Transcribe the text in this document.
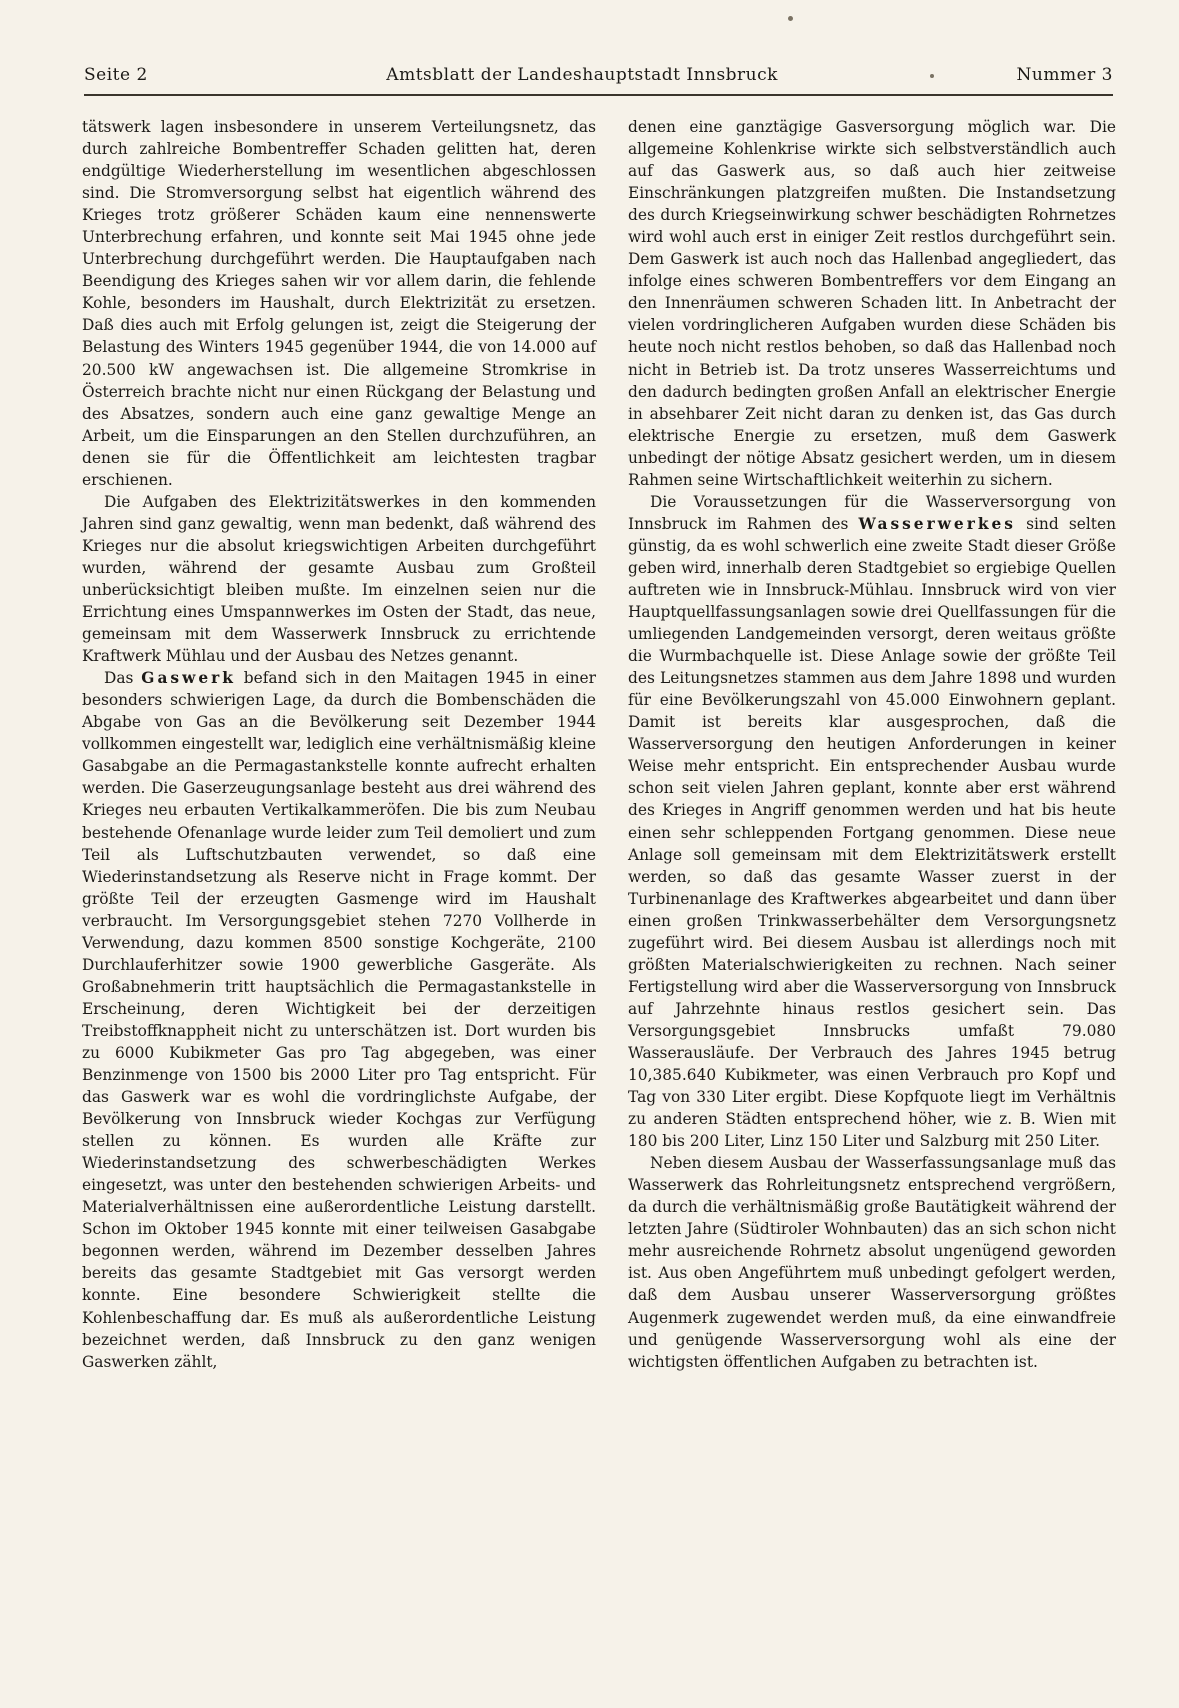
Seite 2	Amtsblatt der Landeshauptstadt Innsbruck	Nummer 3

tätswerk lagen insbesondere in unserem Verteilungsnetz, das durch zahlreiche Bombentreffer Schaden gelitten hat, deren endgültige Wiederherstellung im wesentlichen abgeschlossen sind. Die Stromversorgung selbst hat eigentlich während des Krieges trotz größerer Schäden kaum eine nennenswerte Unterbrechung erfahren, und konnte seit Mai 1945 ohne jede Unterbrechung durchgeführt werden. Die Hauptaufgaben nach Beendigung des Krieges sahen wir vor allem darin, die fehlende Kohle, besonders im Haushalt, durch Elektrizität zu ersetzen. Daß dies auch mit Erfolg gelungen ist, zeigt die Steigerung der Belastung des Winters 1945 gegenüber 1944, die von 14.000 auf 20.500 kW angewachsen ist. Die allgemeine Stromkrise in Österreich brachte nicht nur einen Rückgang der Belastung und des Absatzes, sondern auch eine ganz gewaltige Menge an Arbeit, um die Einsparungen an den Stellen durchzuführen, an denen sie für die Öffentlichkeit am leichtesten tragbar erschienen.

Die Aufgaben des Elektrizitätswerkes in den kommenden Jahren sind ganz gewaltig, wenn man bedenkt, daß während des Krieges nur die absolut kriegswichtigen Arbeiten durchgeführt wurden, während der gesamte Ausbau zum Großteil unberücksichtigt bleiben mußte. Im einzelnen seien nur die Errichtung eines Umspannwerkes im Osten der Stadt, das neue, gemeinsam mit dem Wasserwerk Innsbruck zu errichtende Kraftwerk Mühlau und der Ausbau des Netzes genannt.

Das Gaswerk befand sich in den Maitagen 1945 in einer besonders schwierigen Lage, da durch die Bombenschäden die Abgabe von Gas an die Bevölkerung seit Dezember 1944 vollkommen eingestellt war, lediglich eine verhältnismäßig kleine Gasabgabe an die Permagastankstelle konnte aufrecht erhalten werden. Die Gaserzeugungsanlage besteht aus drei während des Krieges neu erbauten Vertikalkammeröfen. Die bis zum Neubau bestehende Ofenanlage wurde leider zum Teil demoliert und zum Teil als Luftschutzbauten verwendet, so daß eine Wiederinstandsetzung als Reserve nicht in Frage kommt. Der größte Teil der erzeugten Gasmenge wird im Haushalt verbraucht. Im Versorgungsgebiet stehen 7270 Vollherde in Verwendung, dazu kommen 8500 sonstige Kochgeräte, 2100 Durchlauferhitzer sowie 1900 gewerbliche Gasgeräte. Als Großabnehmerin tritt hauptsächlich die Permagastankstelle in Erscheinung, deren Wichtigkeit bei der derzeitigen Treibstoffknappheit nicht zu unterschätzen ist. Dort wurden bis zu 6000 Kubikmeter Gas pro Tag abgegeben, was einer Benzinmenge von 1500 bis 2000 Liter pro Tag entspricht. Für das Gaswerk war es wohl die vordringlichste Aufgabe, der Bevölkerung von Innsbruck wieder Kochgas zur Verfügung stellen zu können. Es wurden alle Kräfte zur Wiederinstandsetzung des schwerbeschädigten Werkes eingesetzt, was unter den bestehenden schwierigen Arbeits- und Materialverhältnissen eine außerordentliche Leistung darstellt. Schon im Oktober 1945 konnte mit einer teilweisen Gasabgabe begonnen werden, während im Dezember desselben Jahres bereits das gesamte Stadtgebiet mit Gas versorgt werden konnte. Eine besondere Schwierigkeit stellte die Kohlenbeschaffung dar. Es muß als außerordentliche Leistung bezeichnet werden, daß Innsbruck zu den ganz wenigen Gaswerken zählt,

denen eine ganztägige Gasversorgung möglich war. Die allgemeine Kohlenkrise wirkte sich selbstverständlich auch auf das Gaswerk aus, so daß auch hier zeitweise Einschränkungen platzgreifen mußten. Die Instandsetzung des durch Kriegseinwirkung schwer beschädigten Rohrnetzes wird wohl auch erst in einiger Zeit restlos durchgeführt sein. Dem Gaswerk ist auch noch das Hallenbad angegliedert, das infolge eines schweren Bombentreffers vor dem Eingang an den Innenräumen schweren Schaden litt. In Anbetracht der vielen vordringlicheren Aufgaben wurden diese Schäden bis heute noch nicht restlos behoben, so daß das Hallenbad noch nicht in Betrieb ist. Da trotz unseres Wasserreichtums und den dadurch bedingten großen Anfall an elektrischer Energie in absehbarer Zeit nicht daran zu denken ist, das Gas durch elektrische Energie zu ersetzen, muß dem Gaswerk unbedingt der nötige Absatz gesichert werden, um in diesem Rahmen seine Wirtschaftlichkeit weiterhin zu sichern.

Die Voraussetzungen für die Wasserversorgung von Innsbruck im Rahmen des Wasserwerkes sind selten günstig, da es wohl schwerlich eine zweite Stadt dieser Größe geben wird, innerhalb deren Stadtgebiet so ergiebige Quellen auftreten wie in Innsbruck-Mühlau. Innsbruck wird von vier Hauptquellfassungsanlagen sowie drei Quellfassungen für die umliegenden Landgemeinden versorgt, deren weitaus größte die Wurmbachquelle ist. Diese Anlage sowie der größte Teil des Leitungsnetzes stammen aus dem Jahre 1898 und wurden für eine Bevölkerungszahl von 45.000 Einwohnern geplant. Damit ist bereits klar ausgesprochen, daß die Wasserversorgung den heutigen Anforderungen in keiner Weise mehr entspricht. Ein entsprechender Ausbau wurde schon seit vielen Jahren geplant, konnte aber erst während des Krieges in Angriff genommen werden und hat bis heute einen sehr schleppenden Fortgang genommen. Diese neue Anlage soll gemeinsam mit dem Elektrizitätswerk erstellt werden, so daß das gesamte Wasser zuerst in der Turbinenanlage des Kraftwerkes abgearbeitet und dann über einen großen Trinkwasserbehälter dem Versorgungsnetz zugeführt wird. Bei diesem Ausbau ist allerdings noch mit größten Materialschwierigkeiten zu rechnen. Nach seiner Fertigstellung wird aber die Wasserversorgung von Innsbruck auf Jahrzehnte hinaus restlos gesichert sein. Das Versorgungsgebiet Innsbrucks umfaßt 79.080 Wasserausläufe. Der Verbrauch des Jahres 1945 betrug 10,385.640 Kubikmeter, was einen Verbrauch pro Kopf und Tag von 330 Liter ergibt. Diese Kopfquote liegt im Verhältnis zu anderen Städten entsprechend höher, wie z. B. Wien mit 180 bis 200 Liter, Linz 150 Liter und Salzburg mit 250 Liter.

Neben diesem Ausbau der Wasserfassungsanlage muß das Wasserwerk das Rohrleitungsnetz entsprechend vergrößern, da durch die verhältnismäßig große Bautätigkeit während der letzten Jahre (Südtiroler Wohnbauten) das an sich schon nicht mehr ausreichende Rohrnetz absolut ungenügend geworden ist. Aus oben Angeführtem muß unbedingt gefolgert werden, daß dem Ausbau unserer Wasserversorgung größtes Augenmerk zugewendet werden muß, da eine einwandfreie und genügende Wasserversorgung wohl als eine der wichtigsten öffentlichen Aufgaben zu betrachten ist.
